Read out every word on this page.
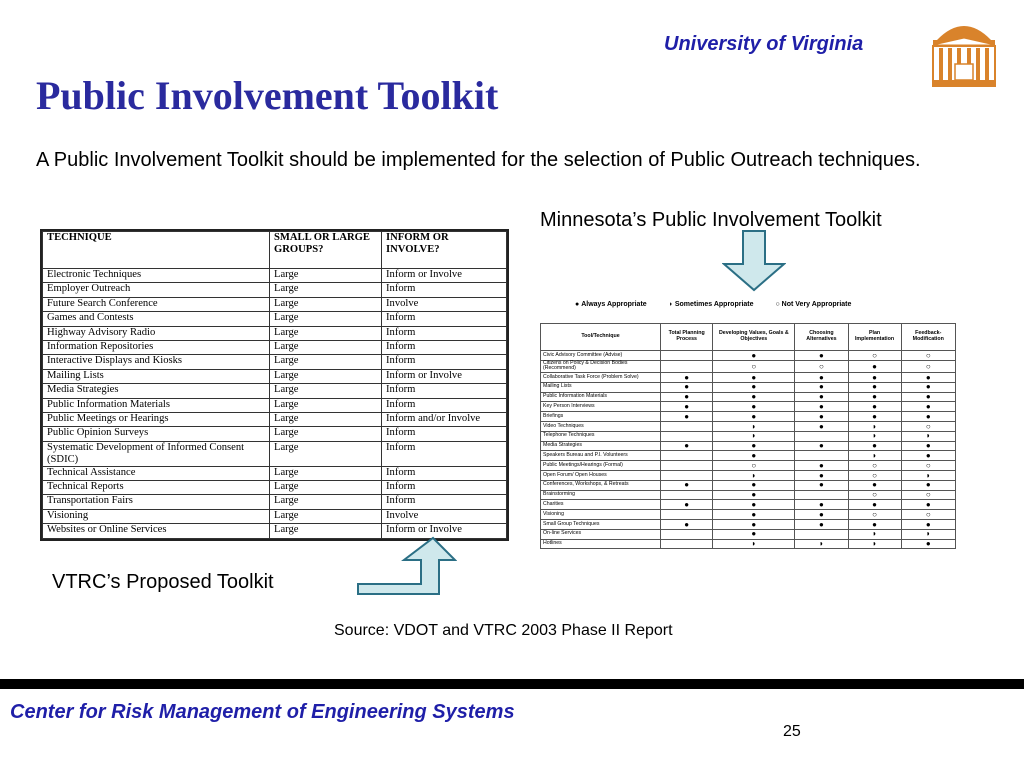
University of Virginia
Public Involvement Toolkit
A Public Involvement Toolkit should be implemented for the selection of Public Outreach techniques.
Minnesota’s Public Involvement Toolkit
TECHNIQUE	SMALL OR LARGE GROUPS?	INFORM OR INVOLVE?
Electronic Techniques	Large	Inform or Involve
Employer Outreach	Large	Inform
Future Search Conference	Large	Involve
Games and Contests	Large	Inform
Highway Advisory Radio	Large	Inform
Information Repositories	Large	Inform
Interactive Displays and Kiosks	Large	Inform
Mailing Lists	Large	Inform or Involve
Media Strategies	Large	Inform
Public Information Materials	Large	Inform
Public Meetings or Hearings	Large	Inform and/or Involve
Public Opinion Surveys	Large	Inform
Systematic Development of Informed Consent (SDIC)	Large	Inform
Technical Assistance	Large	Inform
Technical Reports	Large	Inform
Transportation Fairs	Large	Inform
Visioning	Large	Involve
Websites or Online Services	Large	Inform or Involve
● Always Appropriate	◗ Sometimes Appropriate	○ Not Very Appropriate
Tool/Technique	Total Planning Process	Developing Values, Goals & Objectives	Choosing Alternatives	Plan Implementation	Feedback-Modification
Civic Advisory Committee (Advise)		●	●	○	○
Citizens on Policy & Decision Bodies (Recommend)		○	○	●	○
Collaborative Task Force (Problem Solve)	●	●	●	●	●
Mailing Lists	●	●	●	●	●
Public Information Materials	●	●	●	●	●
Key Person Interviews	●	●	●	●	●
Briefings	●	●	●	●	●
Video Techniques		◗	●	◗	○
Telephone Techniques		◗		◗	◗
Media Strategies	●	●	●	●	●
Speakers Bureau and P.I. Volunteers		●		◗	●
Public Meetings/Hearings (Formal)		○	●	○	○
Open Forum/ Open Houses		◗	●	○	◗
Conferences, Workshops, & Retreats	●	●	●	●	●
Brainstorming		●		○	○
Charities	●	●	●	●	●
Visioning		●	●	○	○
Small Group Techniques	●	●	●	●	●
On-line Services		●		◗	◗
Hotlines		◗	◗	◗	●
VTRC’s Proposed Toolkit
Source: VDOT and VTRC 2003 Phase II Report
Center for Risk Management of Engineering Systems
25
